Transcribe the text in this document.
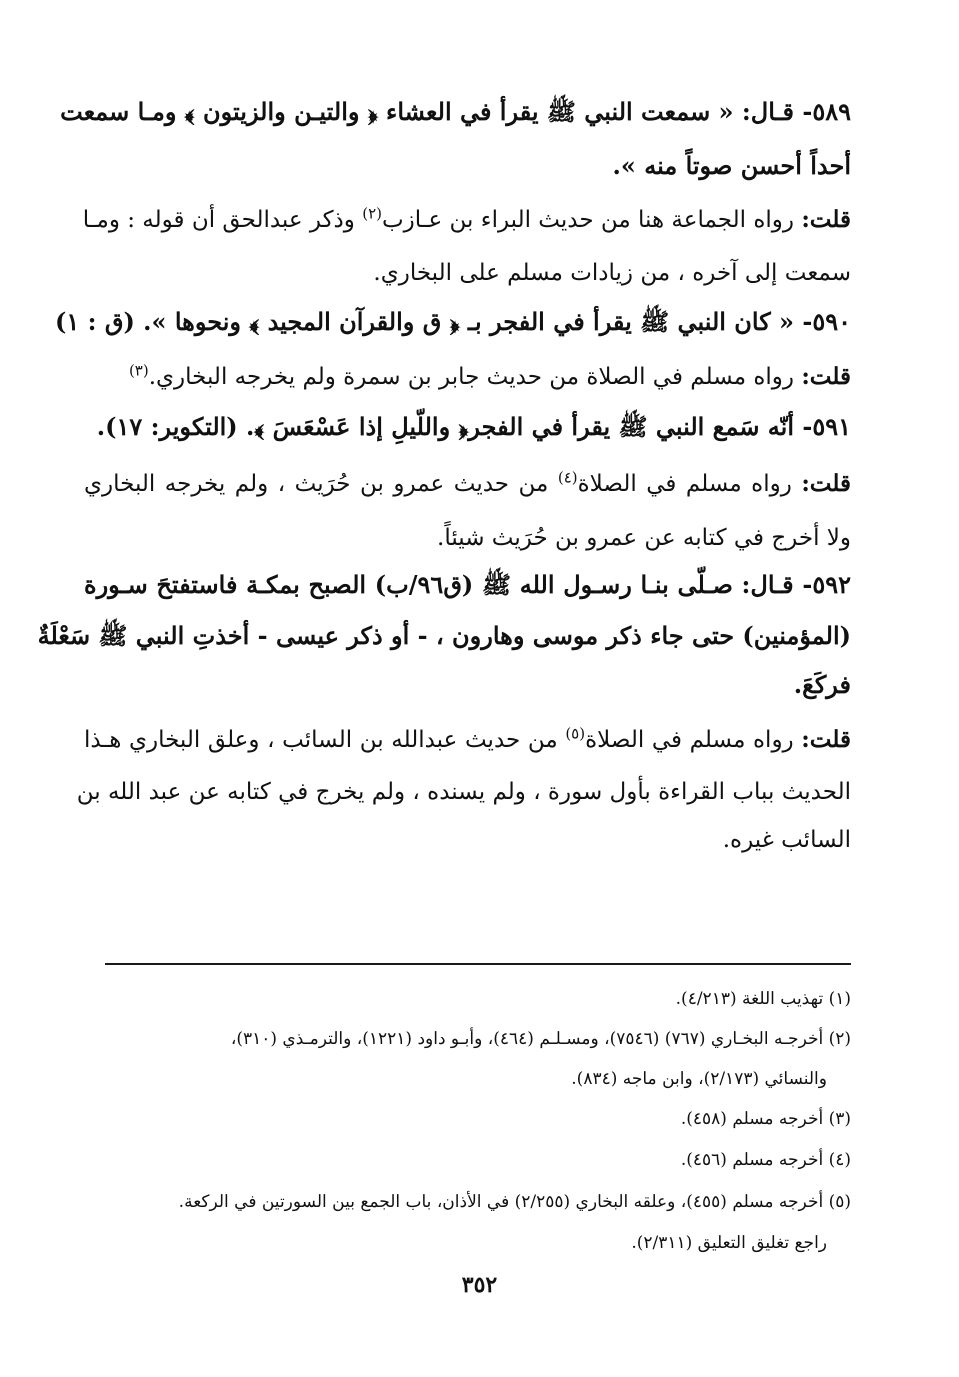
٥٨٩- قـال: « سمعت النبي ﷺ يقرأ في العشاء ﴿ والتيـن والزيتون ﴾ ومـا سمعت
أحداً أحسن صوتاً منه ».
قلت: رواه الجماعة هنا من حديث البراء بن عـازب$^{(٢)}$ وذكر عبدالحق أن قوله : ومـا
سمعت إلى آخره ، من زيادات مسلم على البخاري.
٥٩٠- « كان النبي ﷺ يقرأ في الفجر بـ ﴿ ق والقرآن المجيد ﴾ ونحوها ». (ق : ١)
قلت: رواه مسلم في الصلاة من حديث جابر بن سمرة ولم يخرجه البخاري.$^{(٣)}$
٥٩١- أنّه سَمع النبي ﷺ يقرأ في الفجر﴿ واللّيلِ إذا عَسْعَسَ ﴾. (التكوير: ١٧).
قلت: رواه مسلم في الصلاة$^{(٤)}$ من حديث عمرو بن حُرَيث ، ولم يخرجه البخاري
ولا أخرج في كتابه عن عمرو بن حُرَيث شيئاً.
٥٩٢- قـال: صـلّى بنـا رسـول الله ﷺ (ق٩٦/ب) الصبح بمكـة فاستفتحَ سـورة
(المؤمنين) حتى جاء ذكر موسى وهارون ، - أو ذكر عيسى - أخذتِ النبي ﷺ سَعْلَةٌ
فركَعَ.
قلت: رواه مسلم في الصلاة$^{(٥)}$ من حديث عبدالله بن السائب ، وعلق البخاري هـذا
الحديث بباب القراءة بأول سورة ، ولم يسنده ، ولم يخرج في كتابه عن عبد الله بن
السائب غيره.
(١) تهذيب اللغة (٤/٢١٣).
(٢) أخرجـه البخـاري (٧٦٧) (٧٥٤٦)، ومسـلـم (٤٦٤)، وأبـو داود (١٢٢١)، والترمـذي (٣١٠)،
والنسائي (٢/١٧٣)، وابن ماجه (٨٣٤).
(٣) أخرجه مسلم (٤٥٨).
(٤) أخرجه مسلم (٤٥٦).
(٥) أخرجه مسلم (٤٥٥)، وعلقه البخاري (٢/٢٥٥) في الأذان، باب الجمع بين السورتين في الركعة.
راجع تغليق التعليق (٢/٣١١).
٣٥٢
